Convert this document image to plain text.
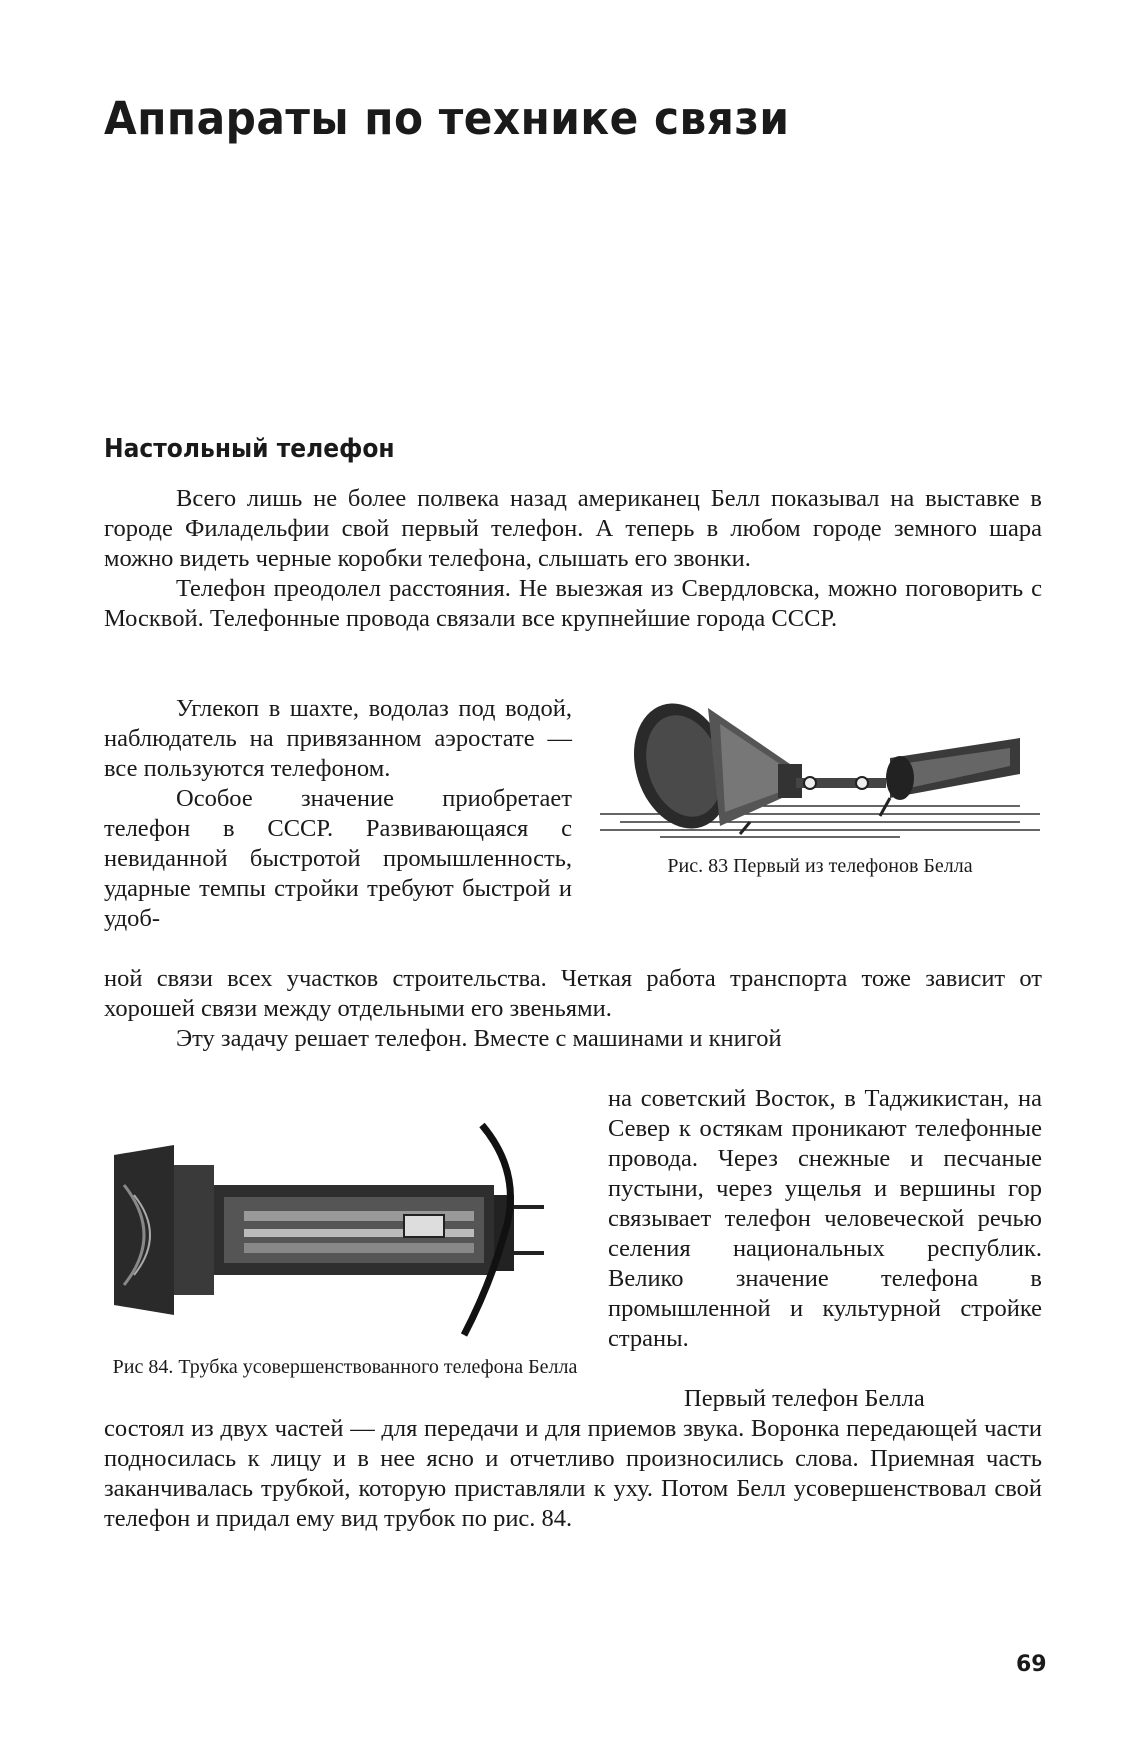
Аппараты по технике связи
Настольный телефон

Всего лишь не более полвека назад американец Белл показывал на выставке в городе Филадельфии свой первый телефон. А теперь в любом городе земного шара можно видеть черные коробки телефона, слышать его звонки.

Телефон преодолел расстояния. Не выезжая из Свердловска, можно поговорить с Москвой. Телефонные провода связали все крупнейшие города СССР.

Углекоп в шахте, водолаз под водой, наблюдатель на привязанном аэростате — все пользуются телефоном.

Особое значение приобретает телефон в СССР. Развивающаяся с невиданной быстротой промышленность, ударные темпы стройки требуют быстрой и удоб-

Рис. 83 Первый из телефонов Белла

ной связи всех участков строительства. Четкая работа транспорта тоже зависит от хорошей связи между отдельными его звеньями.

Эту задачу решает телефон. Вместе с машинами и книгой

Рис 84. Трубка усовершенствованного телефона Белла

на советский Восток, в Таджикистан, на Север к остякам проникают телефонные провода. Через снежные и песчаные пустыни, через ущелья и вершины гор связывает телефон человеческой речью селения национальных республик. Велико значение телефона в промышленной и культурной стройке страны.

Первый телефон Белла

состоял из двух частей — для передачи и для приемов звука. Воронка передающей части подносилась к лицу и в нее ясно и отчетливо произносились слова. Приемная часть заканчивалась трубкой, которую приставляли к уху. Потом Белл усовершенствовал свой телефон и придал ему вид трубок по рис. 84.

69
